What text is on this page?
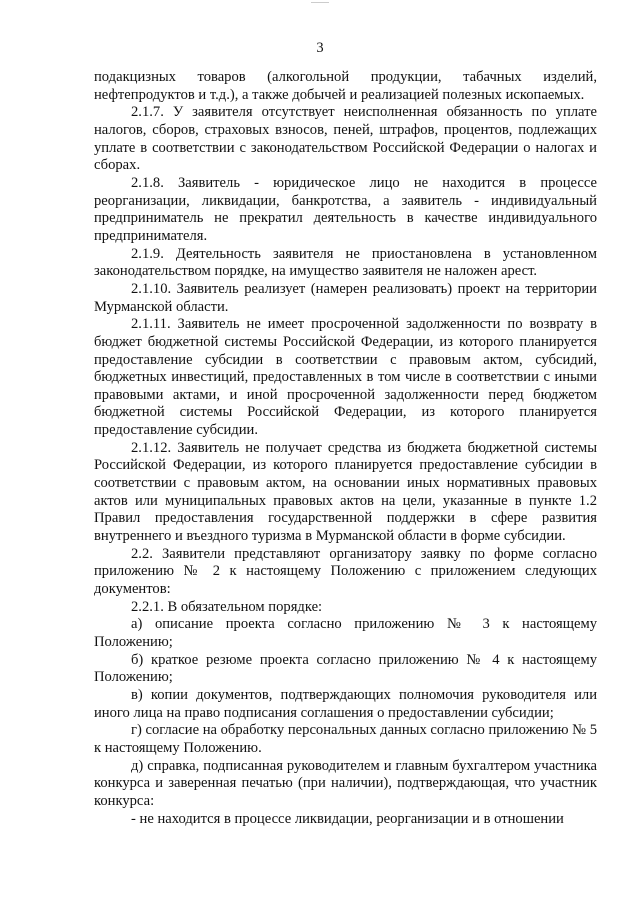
3

подакцизных товаров (алкогольной продукции, табачных изделий, нефтепродуктов и т.д.), а также добычей и реализацией полезных ископаемых.

2.1.7. У заявителя отсутствует неисполненная обязанность по уплате налогов, сборов, страховых взносов, пеней, штрафов, процентов, подлежащих уплате в соответствии с законодательством Российской Федерации о налогах и сборах.

2.1.8. Заявитель - юридическое лицо не находится в процессе реорганизации, ликвидации, банкротства, а заявитель - индивидуальный предприниматель не прекратил деятельность в качестве индивидуального предпринимателя.

2.1.9. Деятельность заявителя не приостановлена в установленном законодательством порядке, на имущество заявителя не наложен арест.

2.1.10. Заявитель реализует (намерен реализовать) проект на территории Мурманской области.

2.1.11. Заявитель не имеет просроченной задолженности по возврату в бюджет бюджетной системы Российской Федерации, из которого планируется предоставление субсидии в соответствии с правовым актом, субсидий, бюджетных инвестиций, предоставленных в том числе в соответствии с иными правовыми актами, и иной просроченной задолженности перед бюджетом бюджетной системы Российской Федерации, из которого планируется предоставление субсидии.

2.1.12. Заявитель не получает средства из бюджета бюджетной системы Российской Федерации, из которого планируется предоставление субсидии в соответствии с правовым актом, на основании иных нормативных правовых актов или муниципальных правовых актов на цели, указанные в пункте 1.2 Правил предоставления государственной поддержки в сфере развития внутреннего и въездного туризма в Мурманской области в форме субсидии.

2.2. Заявители представляют организатору заявку по форме согласно приложению № 2 к настоящему Положению с приложением следующих документов:

2.2.1. В обязательном порядке:

а) описание проекта согласно приложению № 3 к настоящему Положению;

б) краткое резюме проекта согласно приложению № 4 к настоящему Положению;

в) копии документов, подтверждающих полномочия руководителя или иного лица на право подписания соглашения о предоставлении субсидии;

г) согласие на обработку персональных данных согласно приложению № 5 к настоящему Положению.

д) справка, подписанная руководителем и главным бухгалтером участника конкурса и заверенная печатью (при наличии), подтверждающая, что участник конкурса:

- не находится в процессе ликвидации, реорганизации и в отношении
